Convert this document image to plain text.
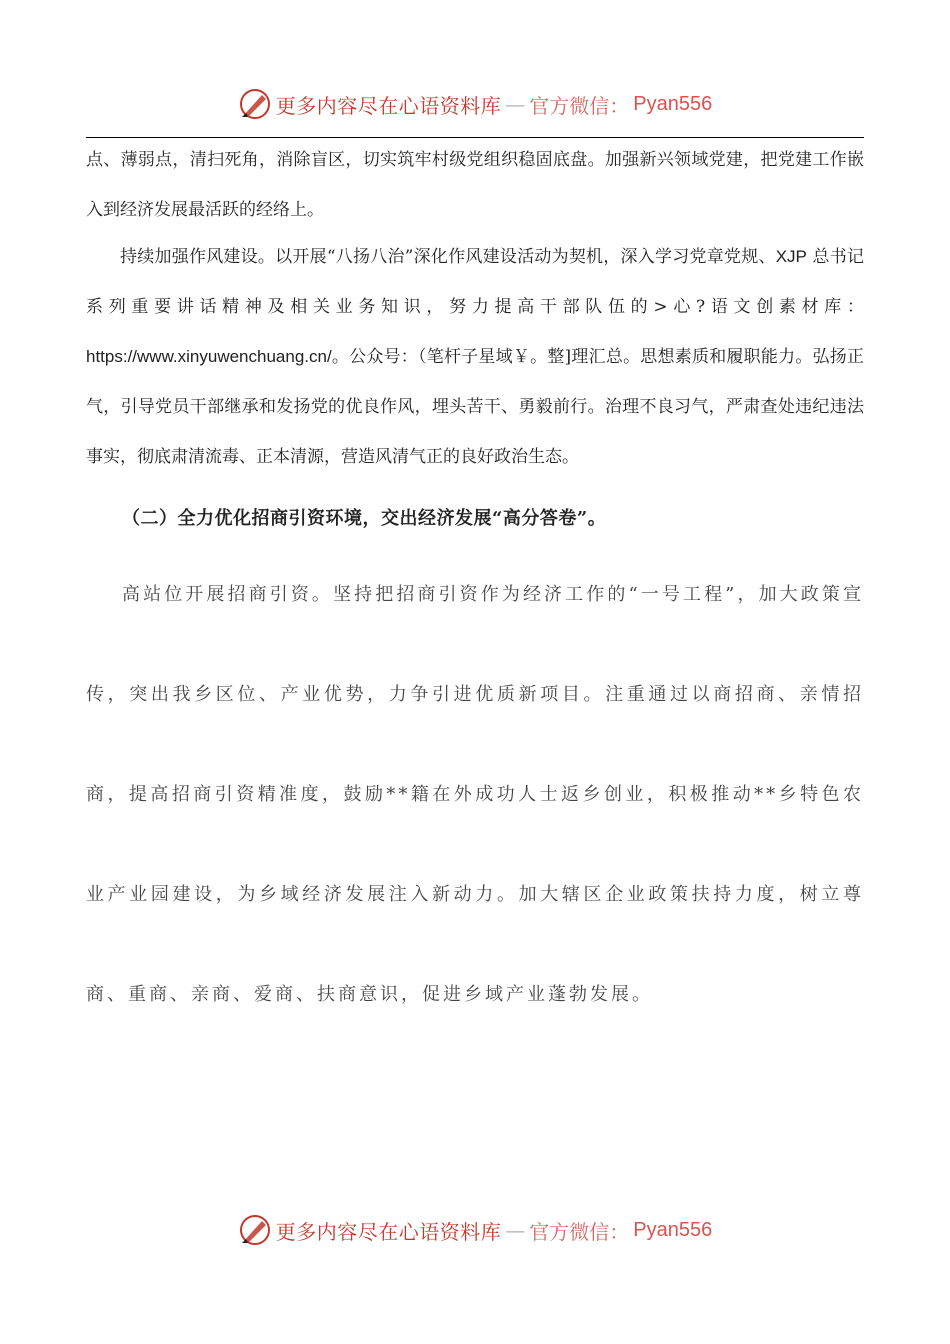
更多内容尽在心语资料库 — 官方微信： Pyan556
点、薄弱点，清扫死角，消除盲区，切实筑牢村级党组织稳固底盘。加强新兴领域党建，把党建工作嵌入到经济发展最活跃的经络上。
持续加强作风建设。以开展“八扬八治”深化作风建设活动为契机，深入学习党章党规、XJP 总书记系列重要讲话精神及相关业务知识，努力提高干部队伍的>心?语文创素材库：https://www.xinyuwenchuang.cn/。公众号：（笔杆子星域￥。整]理汇总。思想素质和履职能力。弘扬正气，引导党员干部继承和发扬党的优良作风，埋头苦干、勇毅前行。治理不良习气，严肃查处违纪违法事实，彻底肃清流毒、正本清源，营造风清气正的良好政治生态。
（二）全力优化招商引资环境，交出经济发展“高分答卷”。
高站位开展招商引资。坚持把招商引资作为经济工作的“一号工程”，加大政策宣传，突出我乡区位、产业优势，力争引进优质新项目。注重通过以商招商、亲情招商，提高招商引资精准度，鼓励**籍在外成功人士返乡创业，积极推动**乡特色农业产业园建设，为乡域经济发展注入新动力。加大辖区企业政策扶持力度，树立尊商、重商、亲商、爱商、扶商意识，促进乡域产业蓬勃发展。
更多内容尽在心语资料库 — 官方微信： Pyan556
